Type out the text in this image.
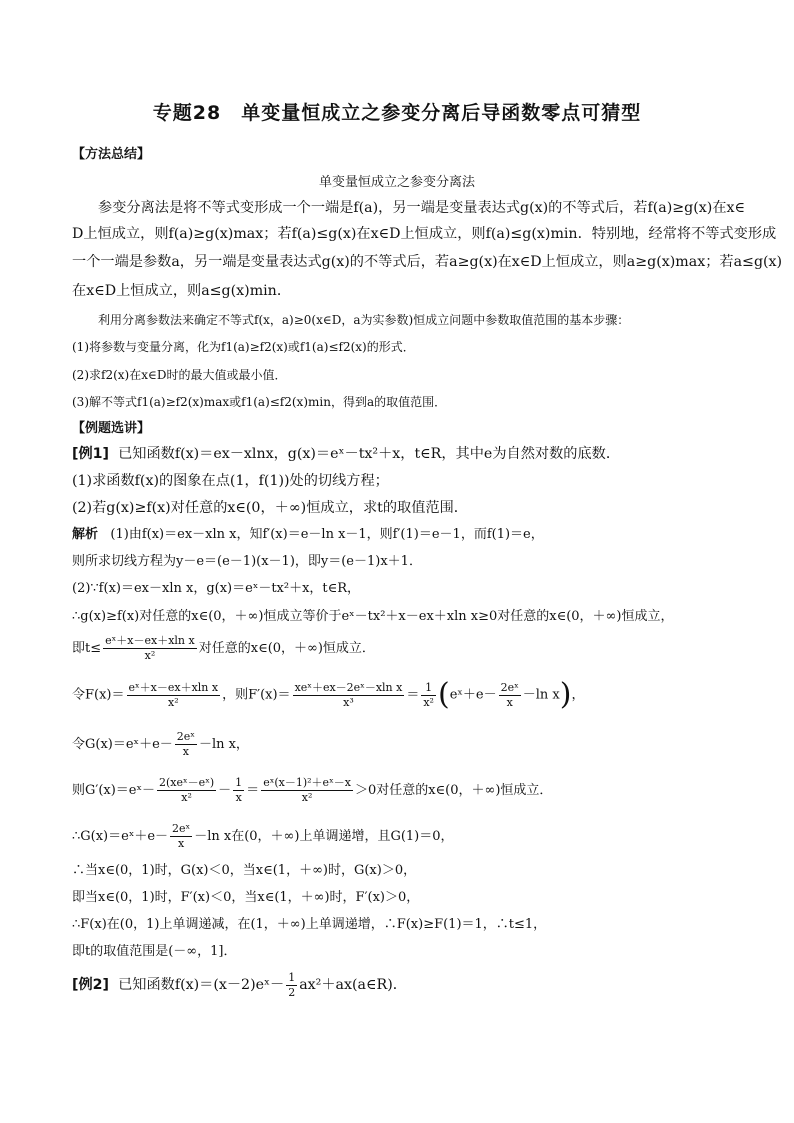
专题28　单变量恒成立之参变分离后导函数零点可猜型
【方法总结】
单变量恒成立之参变分离法
参变分离法是将不等式变形成一个一端是f(a)，另一端是变量表达式g(x)的不等式后，若f(a)≥g(x)在x∈
D上恒成立，则f(a)≥g(x)max；若f(a)≤g(x)在x∈D上恒成立，则f(a)≤g(x)min．特别地，经常将不等式变形成
一个一端是参数a，另一端是变量表达式g(x)的不等式后，若a≥g(x)在x∈D上恒成立，则a≥g(x)max；若a≤g(x)
在x∈D上恒成立，则a≤g(x)min．
利用分离参数法来确定不等式f(x，a)≥0(x∈D，a为实参数)恒成立问题中参数取值范围的基本步骤：
(1)将参数与变量分离，化为f1(a)≥f2(x)或f1(a)≤f2(x)的形式．
(2)求f2(x)在x∈D时的最大值或最小值．
(3)解不等式f1(a)≥f2(x)max或f1(a)≤f2(x)min，得到a的取值范围．
【例题选讲】
[例1] 已知函数f(x)＝ex－xlnx，g(x)＝eˣ－tx²＋x，t∈R，其中e为自然对数的底数．
(1)求函数f(x)的图象在点(1，f(1))处的切线方程；
(2)若g(x)≥f(x)对任意的x∈(0，＋∞)恒成立，求t的取值范围．
解析 (1)由f(x)＝ex－xln x，知f′(x)＝e－ln x－1，则f′(1)＝e－1，而f(1)＝e，
则所求切线方程为y－e＝(e－1)(x－1)，即y＝(e－1)x＋1．
(2)∵f(x)＝ex－xln x，g(x)＝eˣ－tx²＋x，t∈R，
∴g(x)≥f(x)对任意的x∈(0，＋∞)恒成立等价于eˣ－tx²＋x－ex＋xln x≥0对任意的x∈(0，＋∞)恒成立，
即$t\le \frac{\text{eˣ＋x－ex＋xln x}}{\text{x²}}$ 对任意的x∈(0，＋∞)恒成立．
令$F(x)= \frac{\text{eˣ＋x－ex＋xln x}}{\text{x²}}$ ，则F′(x)＝
xeˣ＋ex－2eˣ－xln x
x³	＝ $\frac{1}{\text{x²}}$ (eˣ＋e－ $\frac{\text{2eˣ}}{x} -\ln$ x)，
令G(x)＝eˣ＋e－ $\frac{\text{2eˣ}}{x} -\ln$ x，
则G′(x)＝eˣ－
2(xeˣ－eˣ)
x²	－ $\frac{1}{x} = \frac{\text{eˣ(x－1)²＋eˣ－x}}{\text{x²}} >0$对任意的x∈(0，＋∞)恒成立．
∴G(x)＝eˣ＋e－ $\frac{\text{2eˣ}}{x} -\ln$ x在(0，＋∞)上单调递增，且G(1)＝0，
∴当x∈(0，1)时，G(x)＜0，当x∈(1，＋∞)时，G(x)＞0，
即当x∈(0，1)时，F′(x)＜0，当x∈(1，＋∞)时，F′(x)＞0，
∴F(x)在(0，1)上单调递减，在(1，＋∞)上单调递增，∴F(x)≥F(1)＝1，∴t≤1，
即t的取值范围是(－∞，1]．
[例2] 已知函数f(x)＝(x－2)eˣ－ $\frac{1}{2}$ ax²＋ax(a∈R)．
